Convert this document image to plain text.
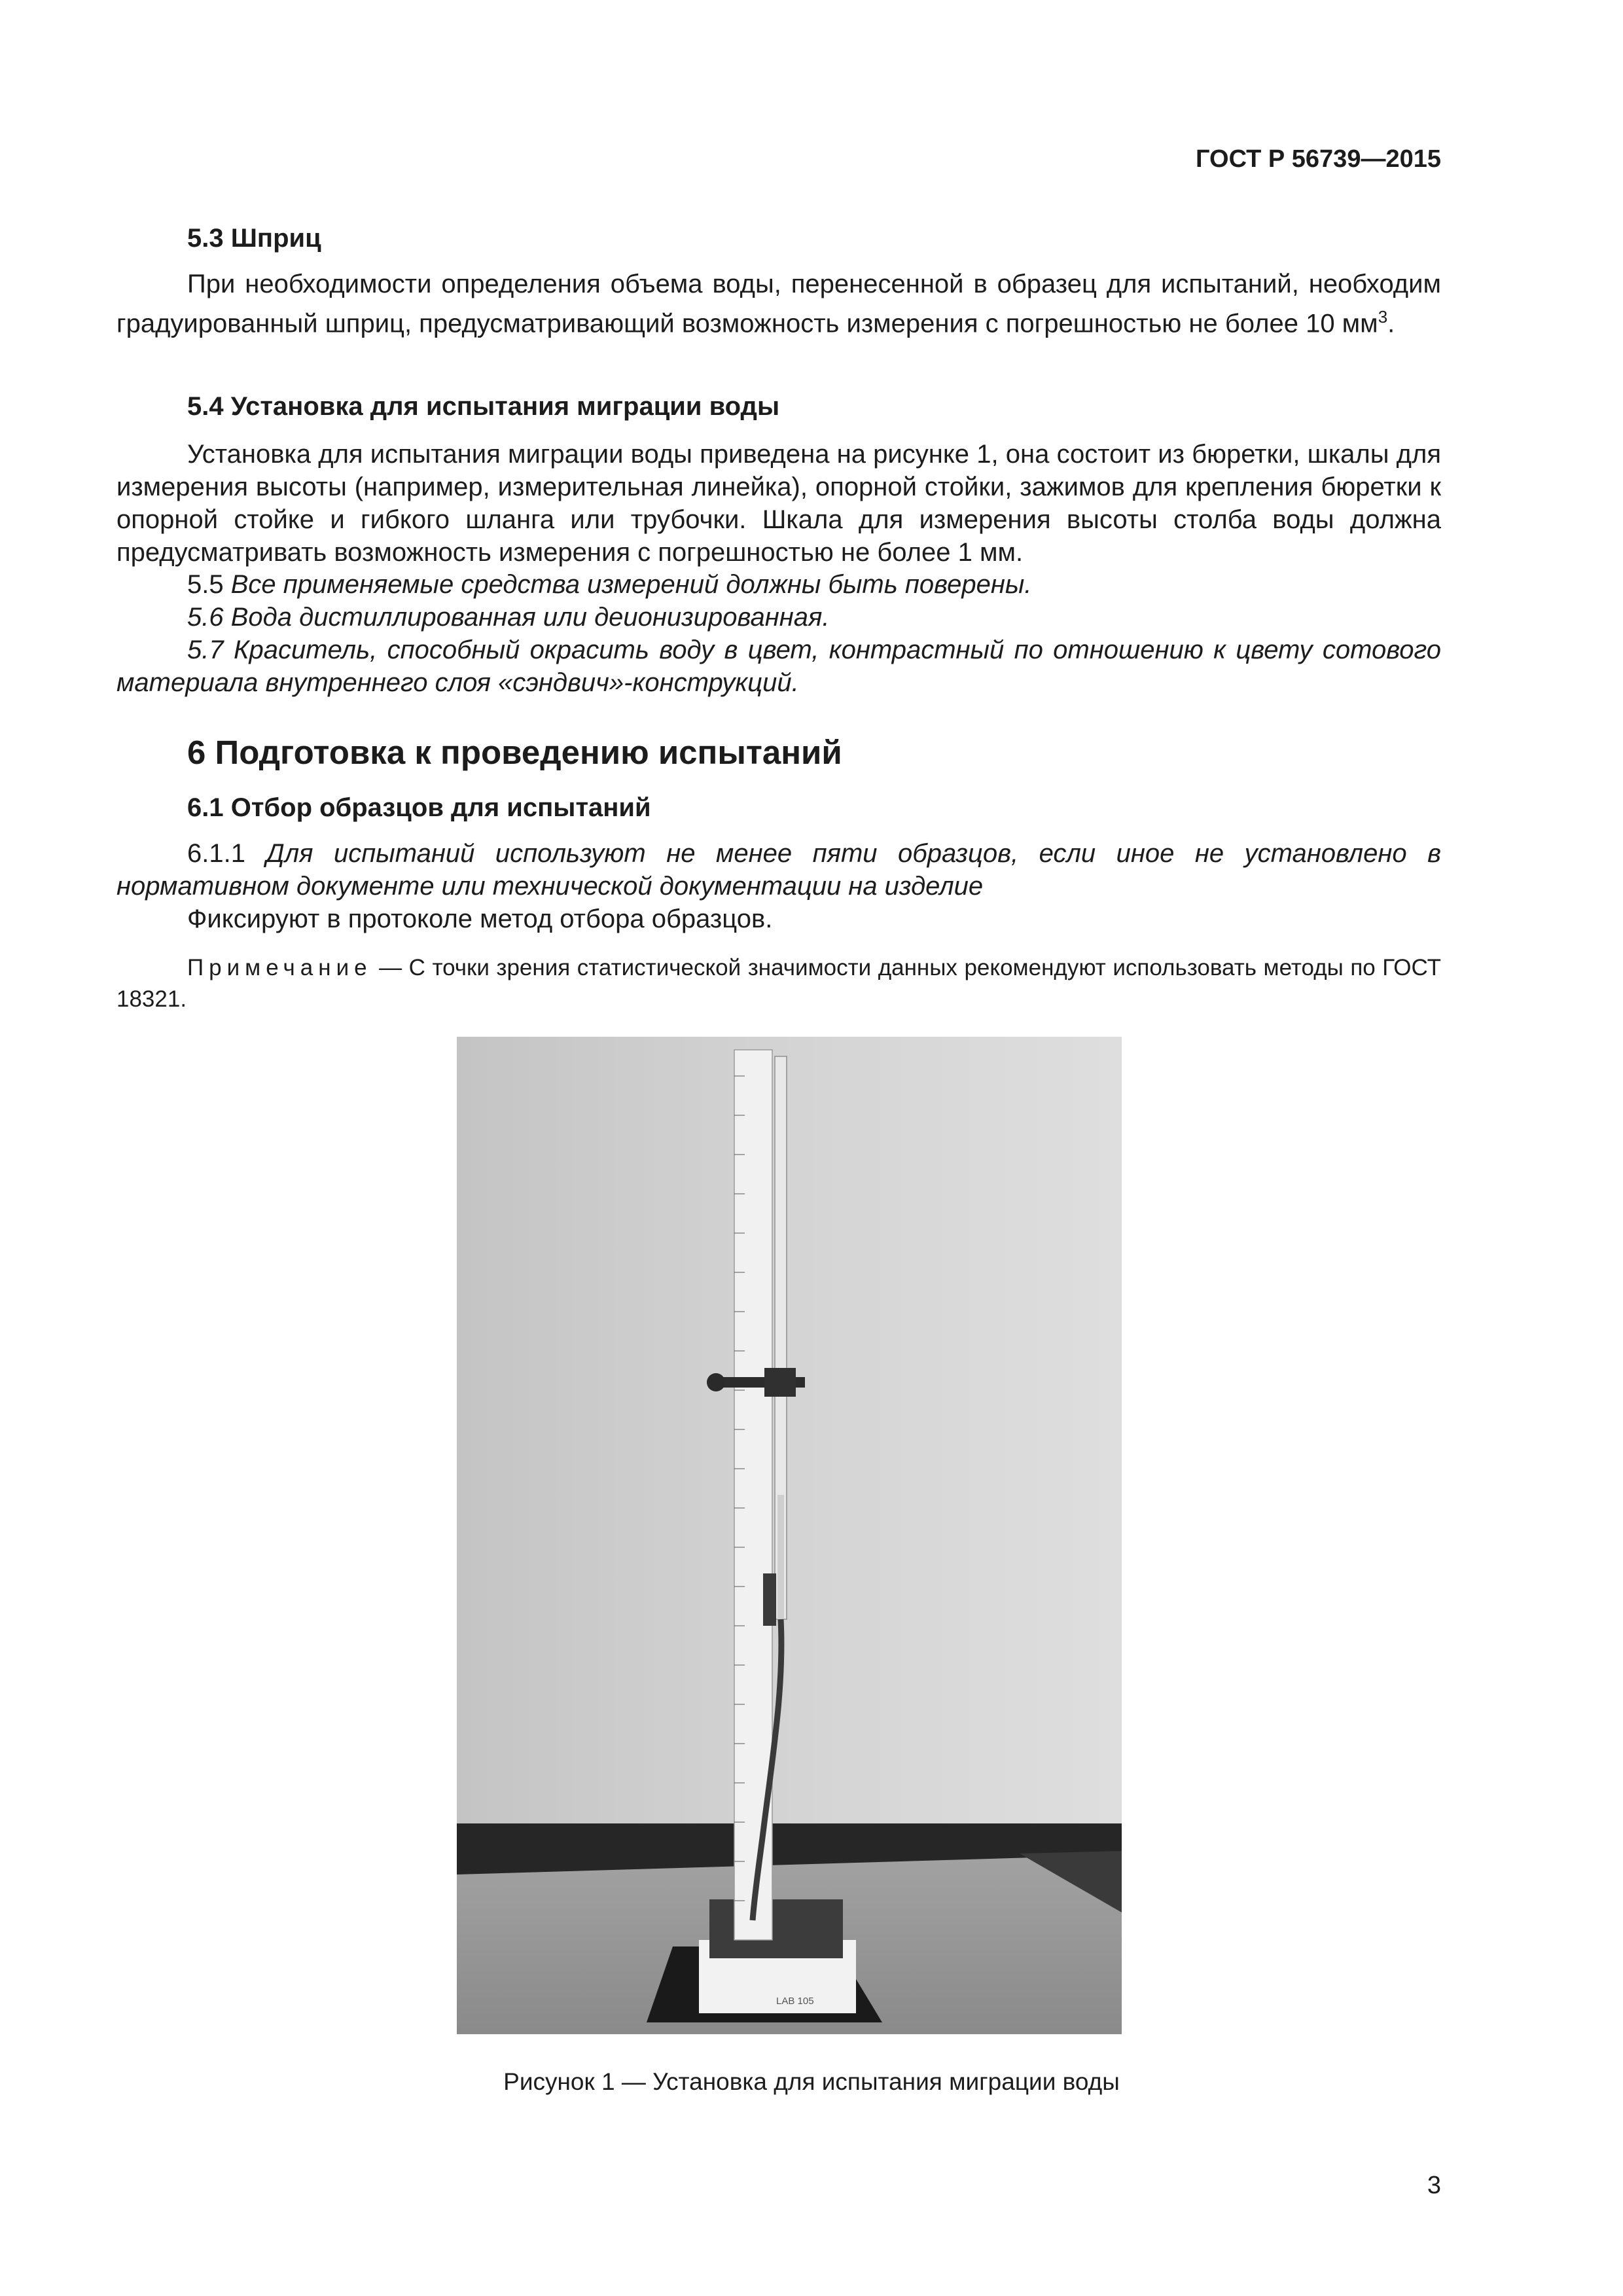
ГОСТ Р 56739—2015
5.3 Шприц
При необходимости определения объема воды, перенесенной в образец для испытаний, необходим градуированный шприц, предусматривающий возможность измерения с погрешностью не более 10 $мм^3$.
5.4 Установка для испытания миграции воды
Установка для испытания миграции воды приведена на рисунке 1, она состоит из бюретки, шкалы для измерения высоты (например, измерительная линейка), опорной стойки, зажимов для крепления бюретки к опорной стойке и гибкого шланга или трубочки. Шкала для измерения высоты столба воды должна предусматривать возможность измерения с погрешностью не более 1 мм.
5.5 Все применяемые средства измерений должны быть поверены.
5.6 Вода дистиллированная или деионизированная.
5.7 Краситель, способный окрасить воду в цвет, контрастный по отношению к цвету сотового материала внутреннего слоя «сэндвич»-конструкций.
6 Подготовка к проведению испытаний
6.1 Отбор образцов для испытаний
6.1.1 Для испытаний используют не менее пяти образцов, если иное не установлено в нормативном документе или технической документации на изделие
Фиксируют в протоколе метод отбора образцов.
Примечание — С точки зрения статистической значимости данных рекомендуют использовать методы по ГОСТ 18321.
LAB 105
Рисунок 1 — Установка для испытания миграции воды
3
